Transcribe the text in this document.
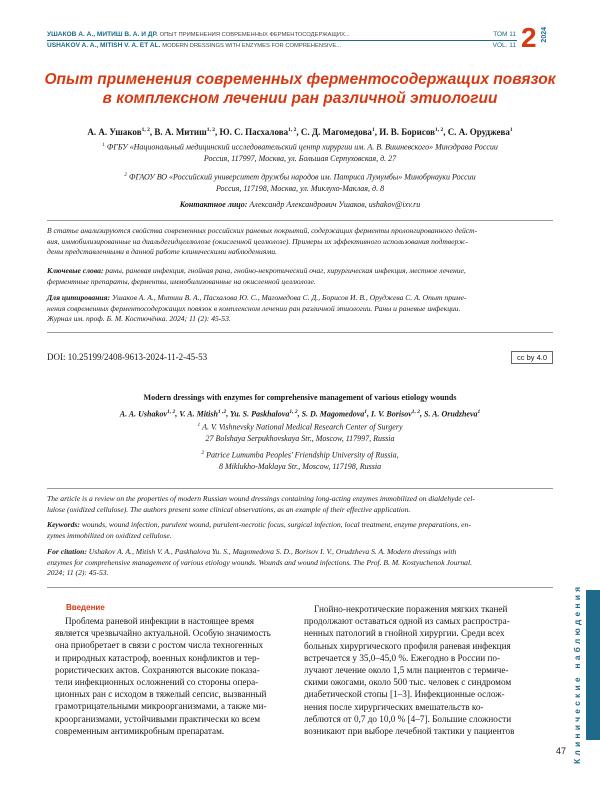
УШАКОВ А. А., МИТИШ В. А. И ДР. ОПЫТ ПРИМЕНЕНИЯ СОВРЕМЕННЫХ ФЕРМЕНТОСОДЕРЖАЩИХ...
USHAKOV A. A., MITISH V. A. ET AL. MODERN DRESSINGS WITH ENZYMES FOR COMPREHENSIVE...
ТОМ 11
VOL. 11 2 2024
Опыт применения современных ферментосодержащих повязок
в комплексном лечении ран различной этиологии
А. А. Ушаков$^{1, 2}$, В. А. Митиш$^{1, 2}$, Ю. С. Пасхалова$^{1, 2}$, С. Д. Магомедова$^1$, И. В. Борисов$^{1, 2}$, С. А. Оруджева$^1$
$^1$ ФГБУ «Национальный медицинский исследовательский центр хирургии им. А. В. Вишневского» Минздрава России
Россия, 117997, Москва, ул. Большая Серпуховская, д. 27
$^2$ ФГАОУ ВО «Российский университет дружбы народов им. Патриса Лумумбы» Минобрнауки России
Россия, 117198, Москва, ул. Миклухо-Маклая, д. 8
Контактное лицо: Александр Александрович Ушаков, ushakov@ixv.ru
В статье анализируются свойства современных российских раневых покрытий, содержащих ферменты пролонгированного дейст-
вия, иммобилизированные на диальдегидцеллюлозе (окисленной целлюлозе). Примеры их эффективного использования подтверж-
дены представленными в данной работе клиническими наблюдениями.
Ключевые слова: раны, раневая инфекция, гнойная рана, гнойно-некротический очаг, хирургическая инфекция, местное лечение,
ферментные препараты, ферменты, иммобилизованные на окисленной целлюлозе.
Для цитирования: Ушаков А. А., Митиш В. А., Пасхалова Ю. С., Магомедова С. Д., Борисов И. В., Оруджева С. А. Опыт приме-
нения современных ферментосодержащих повязок в комплексном лечении ран различной этиологии. Раны и раневые инфекции.
Журнал им. проф. Б. М. Костючёнка. 2024; 11 (2): 45-53.
DOI: 10.25199/2408-9613-2024-11-2-45-53	cc by 4.0
Modern dressings with enzymes for comprehensive management of various etiology wounds
A. A. Ushakov$^{1, 2}$, V. A. Mitish$^{1 ,2}$, Yu. S. Paskhalova$^{1, 2}$, S. D. Magomedova$^1$, I. V. Borisov$^{1, 2}$, S. A. Orudzheva$^1$
$^1$ A. V. Vishnevsky National Medical Research Center of Surgery
27 Bolshaya Serpukhovskaya Str., Moscow, 117997, Russia
$^2$ Patrice Lumumba Peoples' Friendship University of Russia,
8 Miklukho-Maklaya Str., Moscow, 117198, Russia
The article is a review on the properties of modern Russian wound dressings containing long-acting enzymes immobilized on dialdehyde cel-
lulose (oxidized cellulose). The authors present some clinical observations, as an example of their effective application.
Keywords: wounds, wound infection, purulent wound, purulent-necrotic focus, surgical infection, local treatment, enzyme preparations, en-
zymes immobilized on oxidized cellulose.
For citation: Ushakov A. A., Mitish V. A., Paskhalova Yu. S., Magomedova S. D., Borisov I. V., Orudzheva S. A. Modern dressings with
enzymes for comprehensive management of various etiology wounds. Wounds and wound infections. The Prof. B. M. Kostyuchenok Journal.
2024; 11 (2): 45-53.
Введение
Проблема раневой инфекции в настоящее время
является чрезвычайно актуальной. Особую значимость
она приобретает в связи с ростом числа техногенных
и природных катастроф, военных конфликтов и тер-
рористических актов. Сохраняются высокие показа-
тели инфекционных осложнений со стороны опера-
ционных ран с исходом в тяжелый сепсис, вызванный
грамотрицательными микроорганизмами, а также ми-
кроорганизмами, устойчивыми практически ко всем
современным антимикробным препаратам.
Гнойно-некротические поражения мягких тканей
продолжают оставаться одной из самых распростра-
ненных патологий в гнойной хирургии. Среди всех
больных хирургического профиля раневая инфекция
встречается у 35,0–45,0 %. Ежегодно в России по-
лучают лечение около 1,5 млн пациентов с термиче-
скими ожогами, около 500 тыс. человек с синдромом
диабетической стопы [1–3]. Инфекционные ослож-
нения после хирургических вмешательств ко-
леблются от 0,7 до 10,0 % [4–7]. Большие сложности
возникают при выборе лечебной тактики у пациентов	Клинические наблюдения
47
